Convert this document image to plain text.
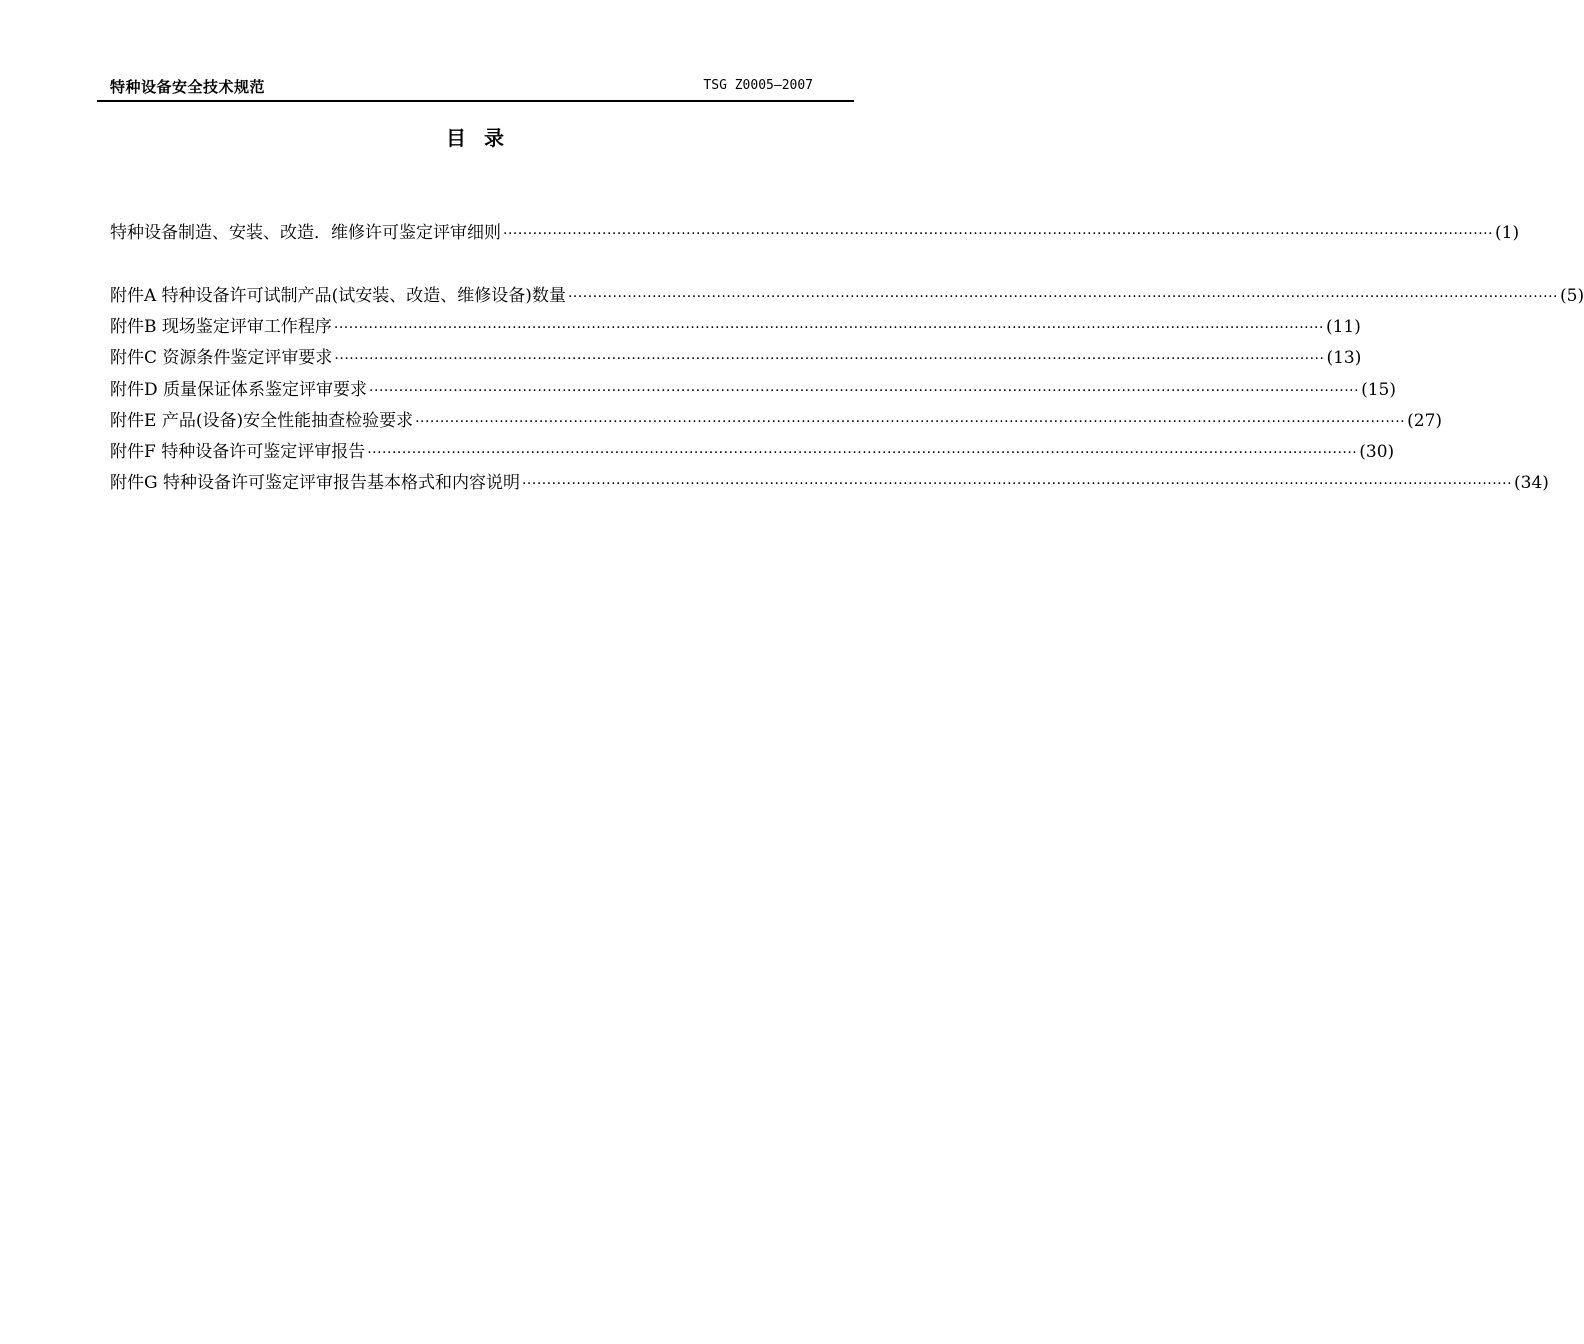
特种设备安全技术规范	TSG Z0005—2007
目录
特种设备制造、安装、改造．维修许可鉴定评审细则 ········································································································································································································ (1)
附件A 特种设备许可试制产品(试安装、改造、维修设备)数量 ········································································································································································································ (5)
附件B 现场鉴定评审工作程序 ········································································································································································································ (11)
附件C 资源条件鉴定评审要求 ········································································································································································································ (13)
附件D 质量保证体系鉴定评审要求 ········································································································································································································ (15)
附件E 产品(设备)安全性能抽查检验要求 ········································································································································································································ (27)
附件F 特种设备许可鉴定评审报告 ········································································································································································································ (30)
附件G 特种设备许可鉴定评审报告基本格式和内容说明 ········································································································································································································ (34)
